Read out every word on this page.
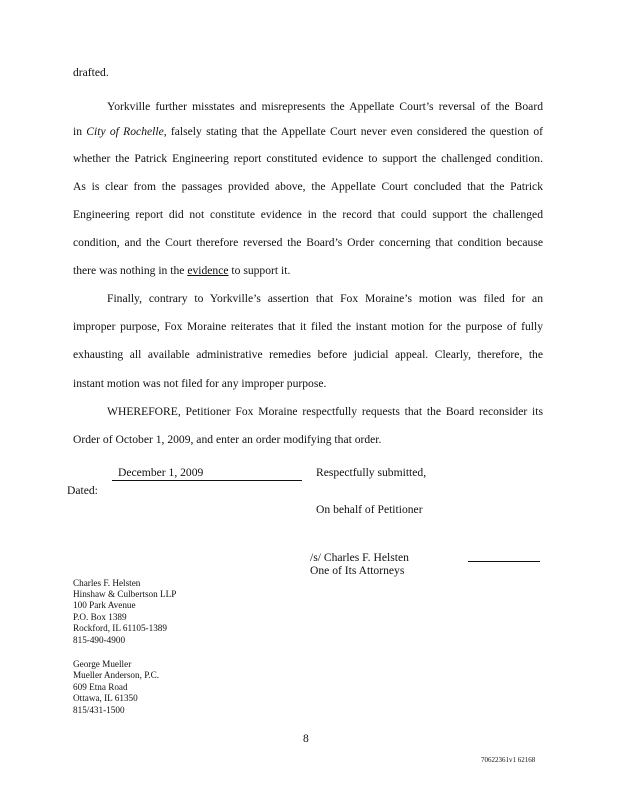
drafted.
Yorkville further misstates and misrepresents the Appellate Court’s reversal of the Board
in City of Rochelle, falsely stating that the Appellate Court never even considered the question of
whether the Patrick Engineering report constituted evidence to support the challenged condition.
As is clear from the passages provided above, the Appellate Court concluded that the Patrick
Engineering report did not constitute evidence in the record that could support the challenged
condition, and the Court therefore reversed the Board’s Order concerning that condition because
there was nothing in the evidence to support it.
Finally, contrary to Yorkville’s assertion that Fox Moraine’s motion was filed for an
improper purpose, Fox Moraine reiterates that it filed the instant motion for the purpose of fully
exhausting all available administrative remedies before judicial appeal. Clearly, therefore, the
instant motion was not filed for any improper purpose.
WHEREFORE, Petitioner Fox Moraine respectfully requests that the Board reconsider its
Order of October 1, 2009, and enter an order modifying that order.
December 1, 2009
Dated:
Respectfully submitted,
On behalf of Petitioner
/s/ Charles F. Helsten
One of Its Attorneys
Charles F. Helsten
Hinshaw & Culbertson LLP
100 Park Avenue
P.O. Box 1389
Rockford, IL 61105-1389
815-490-4900
George Mueller
Mueller Anderson, P.C.
609 Etna Road
Ottawa, IL 61350
815/431-1500
8
70622361v1 62168
